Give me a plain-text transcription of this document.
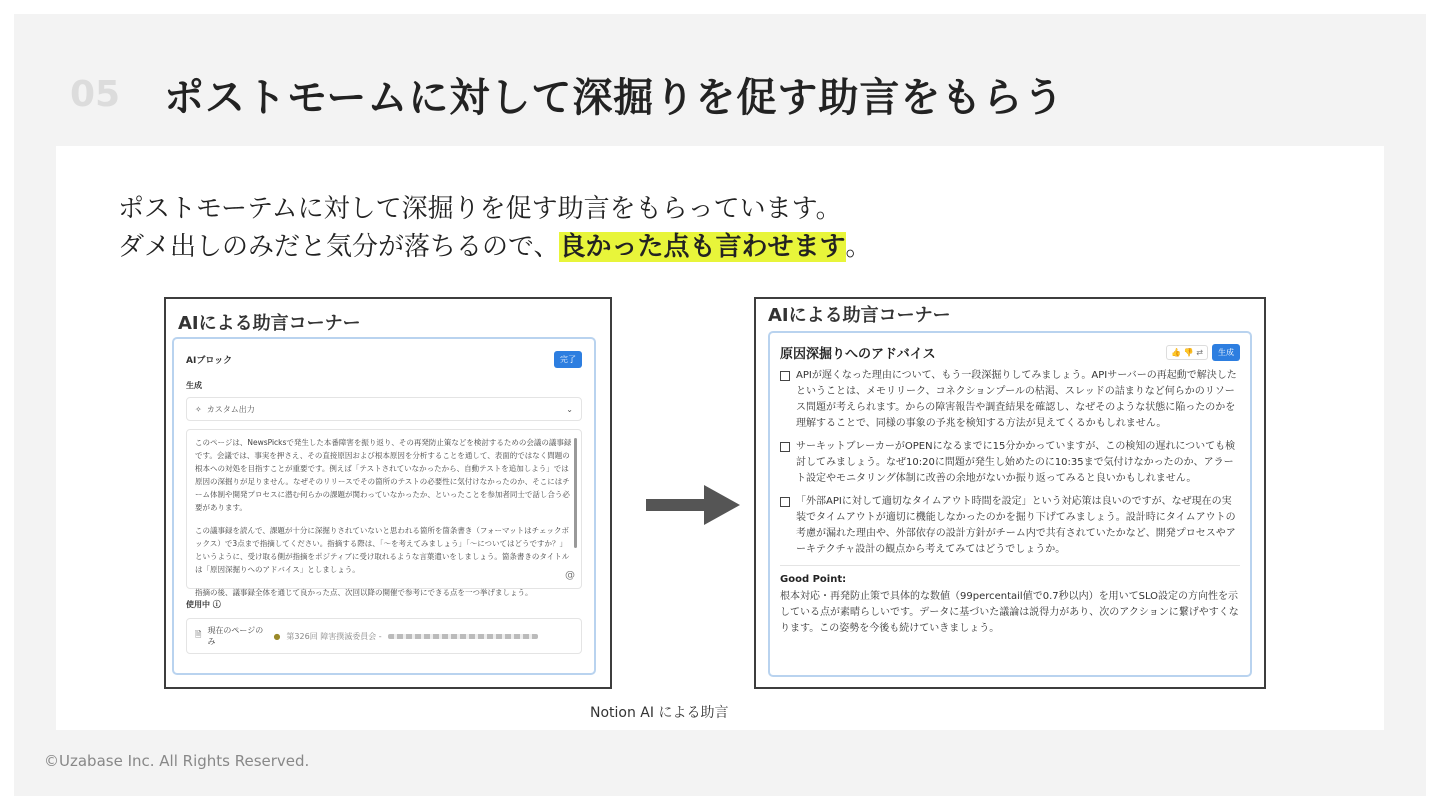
05 ポストモームに対して深掘りを促す助言をもらう
ポストモーテムに対して深掘りを促す助言をもらっています。
ダメ出しのみだと気分が落ちるので、良かった点も言わせます。
AIによる助言コーナー
AIブロック	完了
生成
✧ カスタム出力	⌄

このページは、NewsPicksで発生した本番障害を振り返り、その再発防止策などを検討するための会議の議事録です。会議では、事実を押さえ、その直接原因および根本原因を分析することを通して、表面的ではなく問題の根本への対処を目指すことが重要です。例えば「テストされていなかったから、自動テストを追加しよう」では原因の深掘りが足りません。なぜそのリリースでその箇所のテストの必要性に気付けなかったのか、そこにはチーム体制や開発プロセスに潜む何らかの課題が関わっていなかったか、といったことを参加者同士で話し合う必要があります。

この議事録を読んで、課題が十分に深掘りされていないと思われる箇所を箇条書き（フォーマットはチェックボックス）で3点まで指摘してください。指摘する際は、「〜を考えてみましょう」「〜についてはどうですか？」というように、受け取る側が指摘をポジティブに受け取れるような言葉遣いをしましょう。箇条書きのタイトルは「原因深掘りへのアドバイス」としましょう。

指摘の後、議事録全体を通じて良かった点、次回以降の開催で参考にできる点を一つ挙げましょう。

@
使用中 ⓘ
🗎 現在のページのみ
● 第326回 障害撲滅委員会 -
AIによる助言コーナー
原因深掘りへのアドバイス	👍 👎 ⇄	生成
APIが遅くなった理由について、もう一段深掘りしてみましょう。APIサーバーの再起動で解決したということは、メモリリーク、コネクションプールの枯渇、スレッドの詰まりなど何らかのリソース問題が考えられます。からの障害報告や調査結果を確認し、なぜそのような状態に陥ったのかを理解することで、同様の事象の予兆を検知する方法が見えてくるかもしれません。
サーキットブレーカーがOPENになるまでに15分かかっていますが、この検知の遅れについても検討してみましょう。なぜ10:20に問題が発生し始めたのに10:35まで気付けなかったのか、アラート設定やモニタリング体制に改善の余地がないか振り返ってみると良いかもしれません。
「外部APIに対して適切なタイムアウト時間を設定」という対応策は良いのですが、なぜ現在の実装でタイムアウトが適切に機能しなかったのかを掘り下げてみましょう。設計時にタイムアウトの考慮が漏れた理由や、外部依存の設計方針がチーム内で共有されていたかなど、開発プロセスやアーキテクチャ設計の観点から考えてみてはどうでしょうか。
Good Point:
根本対応・再発防止策で具体的な数値（99percentail値で0.7秒以内）を用いてSLO設定の方向性を示している点が素晴らしいです。データに基づいた議論は説得力があり、次のアクションに繋げやすくなります。この姿勢を今後も続けていきましょう。
Notion AI による助言
©Uzabase Inc. All Rights Reserved.
